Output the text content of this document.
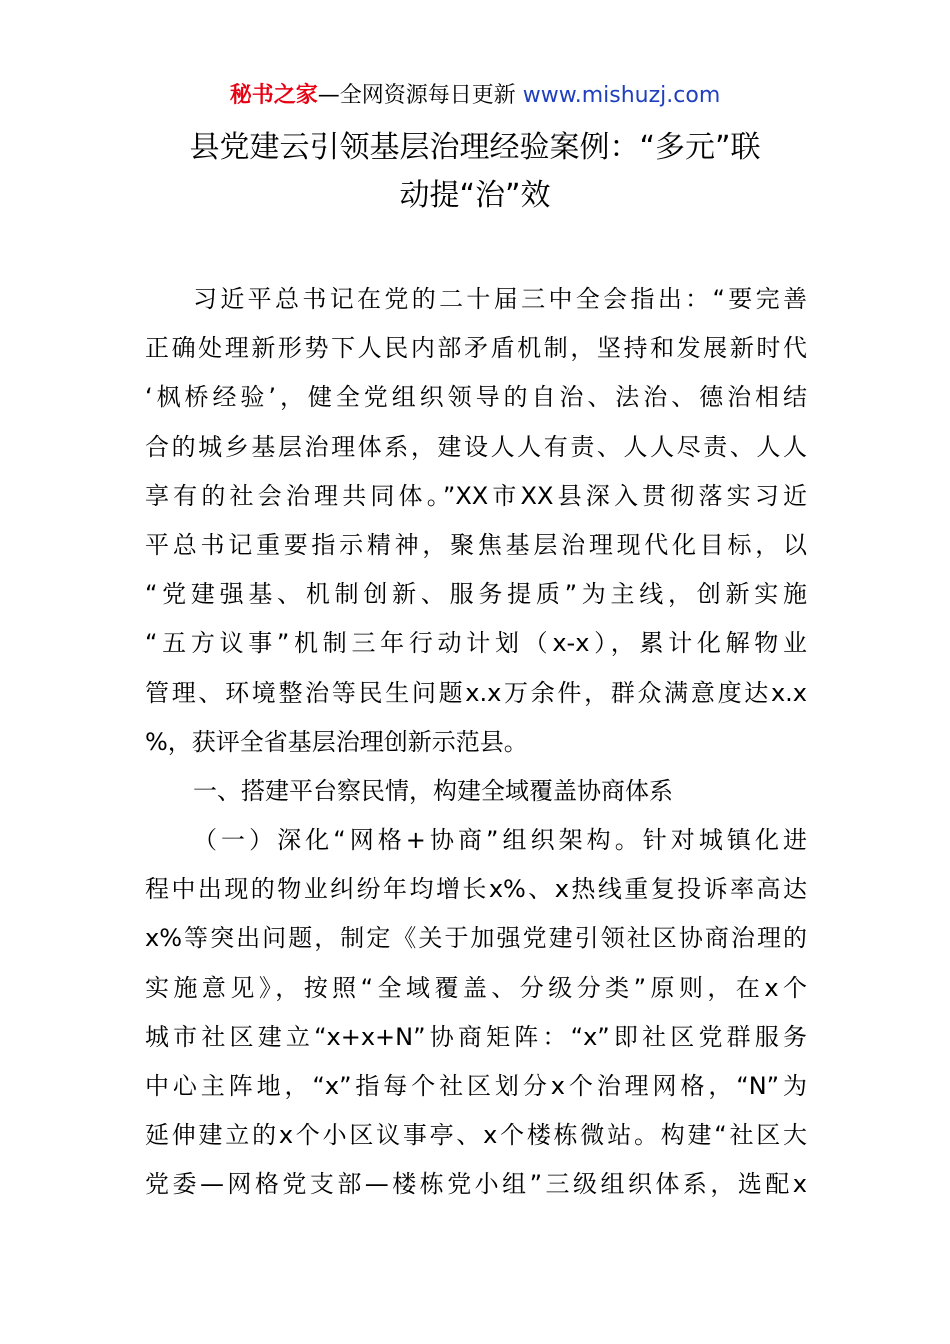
秘书之家—全网资源每日更新 www.mishuzj.com
县党建云引领基层治理经验案例：“多元”联
动提“治”效
习近平总书记在党的二十届三中全会指出：“要完善
正确处理新形势下人民内部矛盾机制，坚持和发展新时代
‘枫桥经验’，健全党组织领导的自治、法治、德治相结
合的城乡基层治理体系，建设人人有责、人人尽责、人人
享有的社会治理共同体。”XX市XX县深入贯彻落实习近
平总书记重要指示精神，聚焦基层治理现代化目标，以
“党建强基、机制创新、服务提质”为主线，创新实施
“五方议事”机制三年行动计划（x-x），累计化解物业
管理、环境整治等民生问题x.x万余件，群众满意度达x.x
%，获评全省基层治理创新示范县。
一、搭建平台察民情，构建全域覆盖协商体系
（一）深化“网格+协商”组织架构。针对城镇化进
程中出现的物业纠纷年均增长x%、x热线重复投诉率高达
x%等突出问题，制定《关于加强党建引领社区协商治理的
实施意见》，按照“全域覆盖、分级分类”原则，在x个
城市社区建立“x+x+N”协商矩阵：“x”即社区党群服务
中心主阵地，“x”指每个社区划分x个治理网格，“N”为
延伸建立的x个小区议事亭、x个楼栋微站。构建“社区大
党委—网格党支部—楼栋党小组”三级组织体系，选配x
